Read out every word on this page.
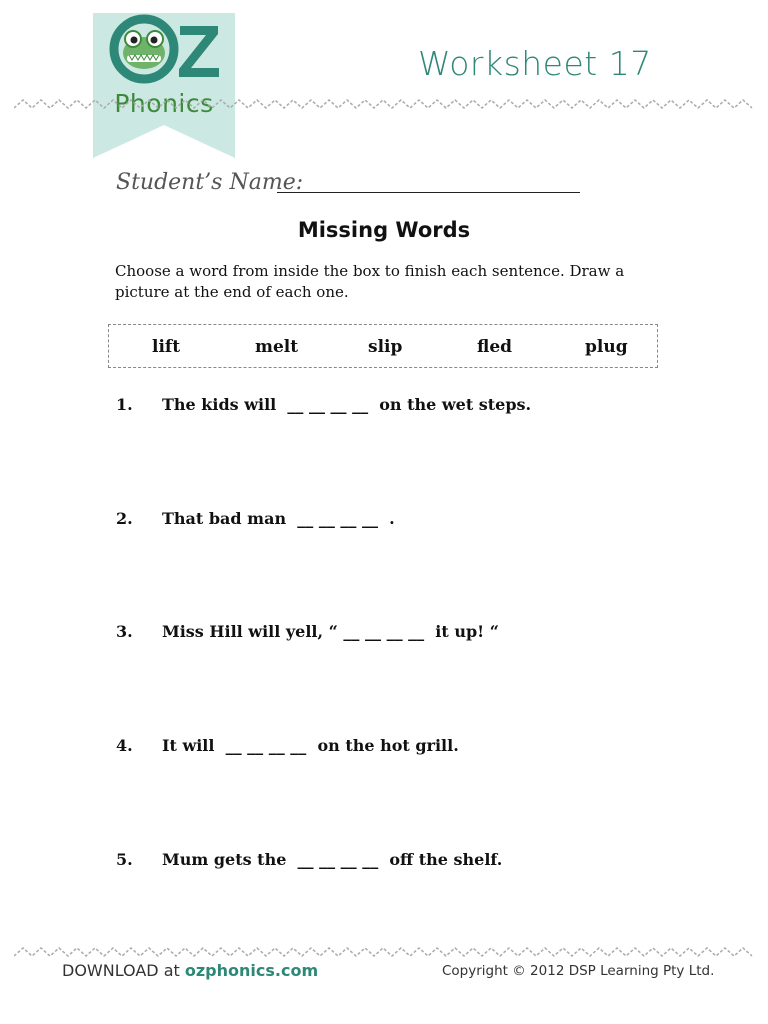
Phonics
Worksheet 17
Student’s Name:
Missing Words
Choose a word from inside the box to finish each sentence. Draw a picture at the end of each one.
lift	melt	slip	fled	plug
1. The kids will  __ __ __ __  on the wet steps.
2. That bad man  __ __ __ __  .
3. Miss Hill will yell, “ __ __ __ __  it up! “
4. It will  __ __ __ __  on the hot grill.
5. Mum gets the  __ __ __ __  off the shelf.
DOWNLOAD at ozphonics.com	Copyright © 2012 DSP Learning Pty Ltd.
